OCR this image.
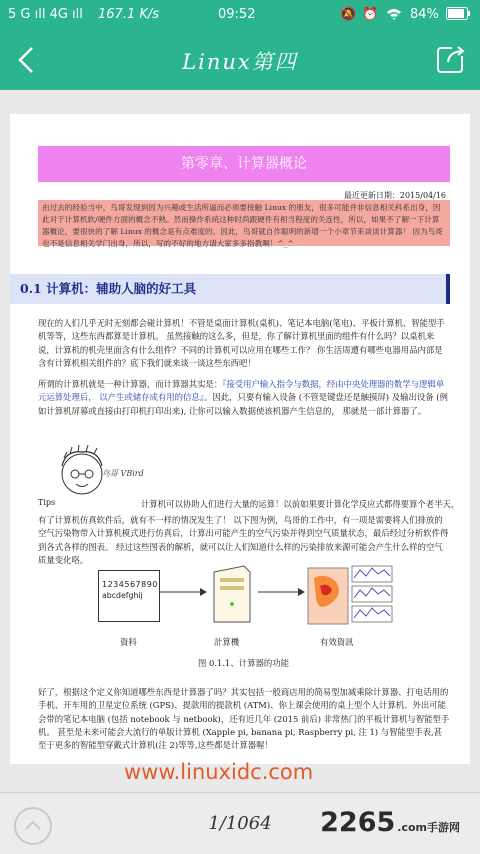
5 G ıll 4G ıll 167.1 K/s	09:52	🔕 ⏰ 84%
Linux第四
第零章、计算器概论
最近更新日期：2015/04/16
由过去的经验当中，鸟哥发现到因为兴趣或生活所逼而必须要接触 Linux 的朋友，很多可能并非信息相关科系出身，因此对于计算机软/硬件方面的概念不熟。然而操作系统这种时尚跟硬件有相当程度的关连性，所以，如果不了解一下计算器概论，要很快的了解 Linux 的概念是有点难度的。因此，鸟哥就自作聪明的新增一个小章节来谈谈计算器！ 因为鸟哥也不是信息相关学门出身，所以，写的不好的地方请大家多多指教啊！^_^
0.1 计算机：辅助人脑的好工具
现在的人们几乎无时无刻都会碰计算机！不管是桌面计算机(桌机)、笔记本电脑(笔电)、平板计算机、智能型手机等等，这些东西都算是计算机。 虽然接触的这么多，但是，你了解计算机里面的组件有什么吗？以桌机来说，计算机的机壳里面含有什么组件？不同的计算机可以应用在哪些工作？ 你生活周遭有哪些电器用品内部是含有计算机相关组件的？底下我们就来谈一谈这些东西吧！
所谓的计算机就是一种计算器，而计算器其实是：『接受用户输入指令与数据，经由中央处理器的数学与逻辑单元运算处理后， 以产生或储存成有用的信息』。因此，只要有输入设备 (不管是键盘还是触摸屏) 及输出设备 (例如计算机屏幕或直接由打印机打印出来), 让你可以输入数据使该机器产生信息的， 那就是一部计算器了。
鸟哥 VBird
Tips	计算机可以协助人们进行大量的运算！以前如果要计算化学反应式都得要算个老半天，
有了计算机仿真软件后，就有不一样的情况发生了！ 以下图为例，鸟哥的工作中，有一项是需要将人们排放的空气污染物带入计算机模式进行仿真后，计算出可能产生的空气污染并得到空气质量状态，最后经过分析软件得到各式各样的图表。 经过这些图表的解析，就可以让人们知道什么样的污染排放来源可能会产生什么样的空气质量变化咯。
1234567890
abcdefghij
資料	計算機	有效資訊
图 0.1.1、计算器的功能
好了，根据这个定义你知道哪些东西是计算器了吗？其实包括一般商店用的简易型加减乘除计算器、打电话用的手机、开车用的卫星定位系统 (GPS)、提款用的提款机 (ATM)、你上课会使用的桌上型个人计算机、外出可能会带的笔记本电脑 (包括 notebook 与 netbook)，还有近几年 (2015 前后) 非常热门的平板计算机与智能型手机。 甚至是未来可能会大流行的单版计算机 (Xapple pi, banana pi, Raspberry pi, 注 1) 与智能型手表,甚至于更多的智能型穿戴式计算机(注 2)等等,这些都是计算器喔！
www.linuxidc.com
1/1064	2265 .com手游网
